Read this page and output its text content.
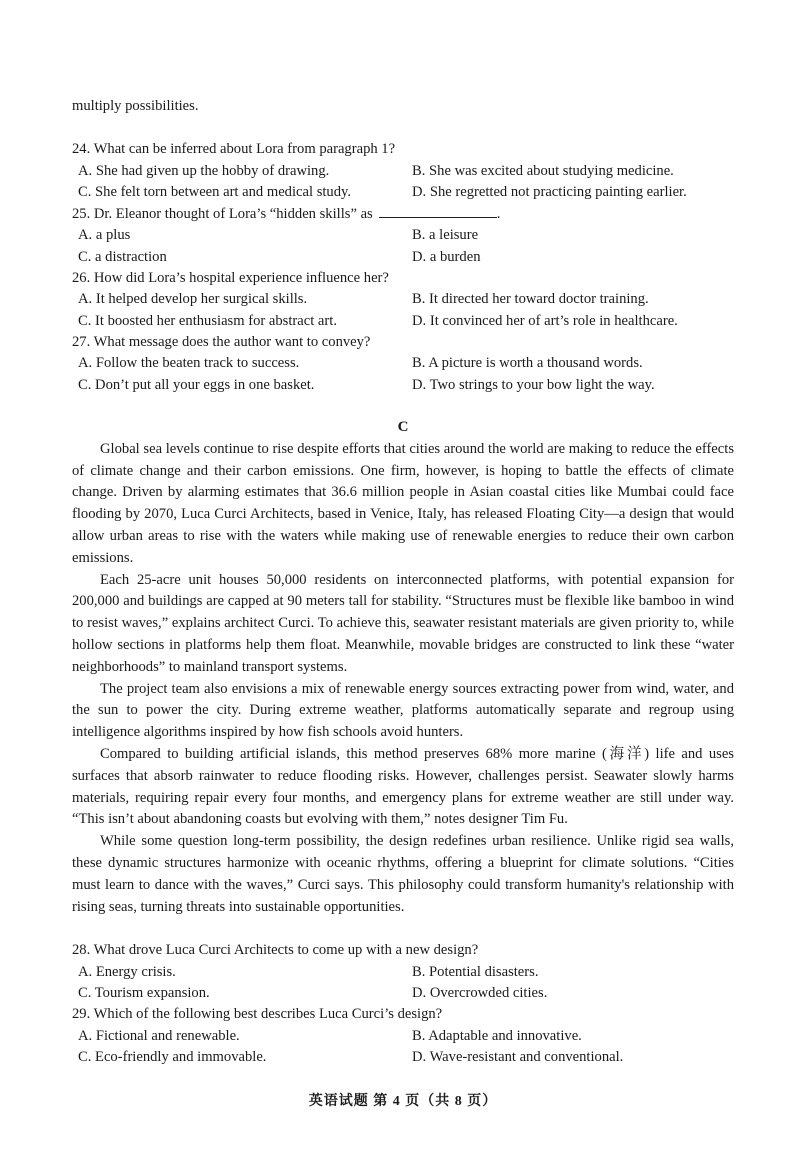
multiply possibilities.
24. What can be inferred about Lora from paragraph 1?
A. She had given up the hobby of drawing.	B. She was excited about studying medicine.
C. She felt torn between art and medical study.	D. She regretted not practicing painting earlier.
25. Dr. Eleanor thought of Lora’s “hidden skills” as	.
A. a plus	B. a leisure
C. a distraction	D. a burden
26. How did Lora’s hospital experience influence her?
A. It helped develop her surgical skills.	B. It directed her toward doctor training.
C. It boosted her enthusiasm for abstract art.	D. It convinced her of art’s role in healthcare.
27. What message does the author want to convey?
A. Follow the beaten track to success.	B. A picture is worth a thousand words.
C. Don’t put all your eggs in one basket.	D. Two strings to your bow light the way.
C

Global sea levels continue to rise despite efforts that cities around the world are making to reduce the effects of climate change and their carbon emissions. One firm, however, is hoping to battle the effects of climate change. Driven by alarming estimates that 36.6 million people in Asian coastal cities like Mumbai could face flooding by 2070, Luca Curci Architects, based in Venice, Italy, has released Floating City—a design that would allow urban areas to rise with the waters while making use of renewable energies to reduce their own carbon emissions.

Each 25-acre unit houses 50,000 residents on interconnected platforms, with potential expansion for 200,000 and buildings are capped at 90 meters tall for stability. “Structures must be flexible like bamboo in wind to resist waves,” explains architect Curci. To achieve this, seawater resistant materials are given priority to, while hollow sections in platforms help them float. Meanwhile, movable bridges are constructed to link these “water neighborhoods” to mainland transport systems.

The project team also envisions a mix of renewable energy sources extracting power from wind, water, and the sun to power the city. During extreme weather, platforms automatically separate and regroup using intelligence algorithms inspired by how fish schools avoid hunters.

Compared to building artificial islands, this method preserves 68% more marine (海洋) life and uses surfaces that absorb rainwater to reduce flooding risks. However, challenges persist. Seawater slowly harms materials, requiring repair every four months, and emergency plans for extreme weather are still under way. “This isn’t about abandoning coasts but evolving with them,” notes designer Tim Fu.

While some question long-term possibility, the design redefines urban resilience. Unlike rigid sea walls, these dynamic structures harmonize with oceanic rhythms, offering a blueprint for climate solutions. “Cities must learn to dance with the waves,” Curci says. This philosophy could transform humanity's relationship with rising seas, turning threats into sustainable opportunities.

28. What drove Luca Curci Architects to come up with a new design?
A. Energy crisis.	B. Potential disasters.
C. Tourism expansion.	D. Overcrowded cities.
29. Which of the following best describes Luca Curci’s design?
A. Fictional and renewable.	B. Adaptable and innovative.
C. Eco-friendly and immovable.	D. Wave-resistant and conventional.
英语试题 第 4 页（共 8 页）
